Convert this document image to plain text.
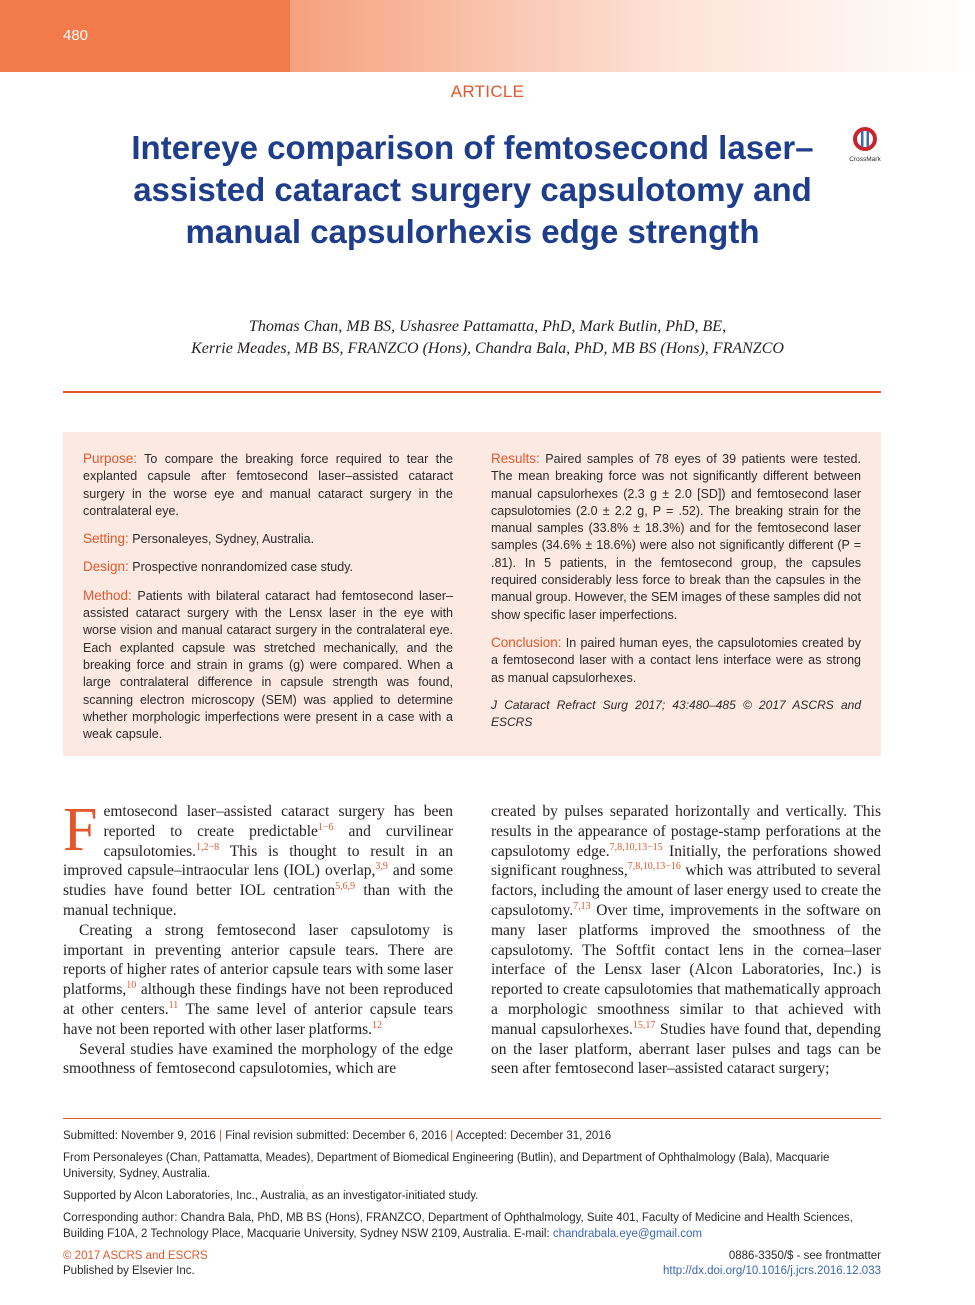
480
ARTICLE
Intereye comparison of femtosecond laser–assisted cataract surgery capsulotomy and manual capsulorhexis edge strength
CrossMark
Thomas Chan, MB BS, Ushasree Pattamatta, PhD, Mark Butlin, PhD, BE,
Kerrie Meades, MB BS, FRANZCO (Hons), Chandra Bala, PhD, MB BS (Hons), FRANZCO

Purpose: To compare the breaking force required to tear the explanted capsule after femtosecond laser–assisted cataract surgery in the worse eye and manual cataract surgery in the contralateral eye.

Setting: Personaleyes, Sydney, Australia.

Design: Prospective nonrandomized case study.

Method: Patients with bilateral cataract had femtosecond laser–assisted cataract surgery with the Lensx laser in the eye with worse vision and manual cataract surgery in the contralateral eye. Each explanted capsule was stretched mechanically, and the breaking force and strain in grams (g) were compared. When a large contralateral difference in capsule strength was found, scanning electron microscopy (SEM) was applied to determine whether morphologic imperfections were present in a case with a weak capsule.

Results: Paired samples of 78 eyes of 39 patients were tested. The mean breaking force was not significantly different between manual capsulorhexes (2.3 g ± 2.0 [SD]) and femtosecond laser capsulotomies (2.0 ± 2.2 g, P = .52). The breaking strain for the manual samples (33.8% ± 18.3%) and for the femtosecond laser samples (34.6% ± 18.6%) were also not significantly different (P = .81). In 5 patients, in the femtosecond group, the capsules required considerably less force to break than the capsules in the manual group. However, the SEM images of these samples did not show specific laser imperfections.

Conclusion: In paired human eyes, the capsulotomies created by a femtosecond laser with a contact lens interface were as strong as manual capsulorhexes.

J Cataract Refract Surg 2017; 43:480–485 © 2017 ASCRS and ESCRS

Femtosecond laser–assisted cataract surgery has been reported to create predictable$^{1-6}$ and curvilinear capsulotomies.$^{1,2-8}$ This is thought to result in an improved capsule–intraocular lens (IOL) overlap,$^{3,9}$ and some studies have found better IOL centration$^{5,6,9}$ than with the manual technique.

Creating a strong femtosecond laser capsulotomy is important in preventing anterior capsule tears. There are reports of higher rates of anterior capsule tears with some laser platforms,$^{10}$ although these findings have not been reproduced at other centers.$^{11}$ The same level of anterior capsule tears have not been reported with other laser platforms.$^{12}$

Several studies have examined the morphology of the edge smoothness of femtosecond capsulotomies, which are

created by pulses separated horizontally and vertically. This results in the appearance of postage-stamp perforations at the capsulotomy edge.$^{7,8,10,13-15}$ Initially, the perforations showed significant roughness,$^{7,8,10,13-16}$ which was attributed to several factors, including the amount of laser energy used to create the capsulotomy.$^{7,13}$ Over time, improvements in the software on many laser platforms improved the smoothness of the capsulotomy. The Softfit contact lens in the cornea–laser interface of the Lensx laser (Alcon Laboratories, Inc.) is reported to create capsulotomies that mathematically approach a morphologic smoothness similar to that achieved with manual capsulorhexes.$^{15,17}$ Studies have found that, depending on the laser platform, aberrant laser pulses and tags can be seen after femtosecond laser–assisted cataract surgery;

Submitted: November 9, 2016 | Final revision submitted: December 6, 2016 | Accepted: December 31, 2016

From Personaleyes (Chan, Pattamatta, Meades), Department of Biomedical Engineering (Butlin), and Department of Ophthalmology (Bala), Macquarie University, Sydney, Australia.

Supported by Alcon Laboratories, Inc., Australia, as an investigator-initiated study.

Corresponding author: Chandra Bala, PhD, MB BS (Hons), FRANZCO, Department of Ophthalmology, Suite 401, Faculty of Medicine and Health Sciences, Building F10A, 2 Technology Place, Macquarie University, Sydney NSW 2109, Australia. E-mail: chandrabala.eye@gmail.com

© 2017 ASCRS and ESCRS
Published by Elsevier Inc.
0886-3350/$ - see frontmatter
http://dx.doi.org/10.1016/j.jcrs.2016.12.033
